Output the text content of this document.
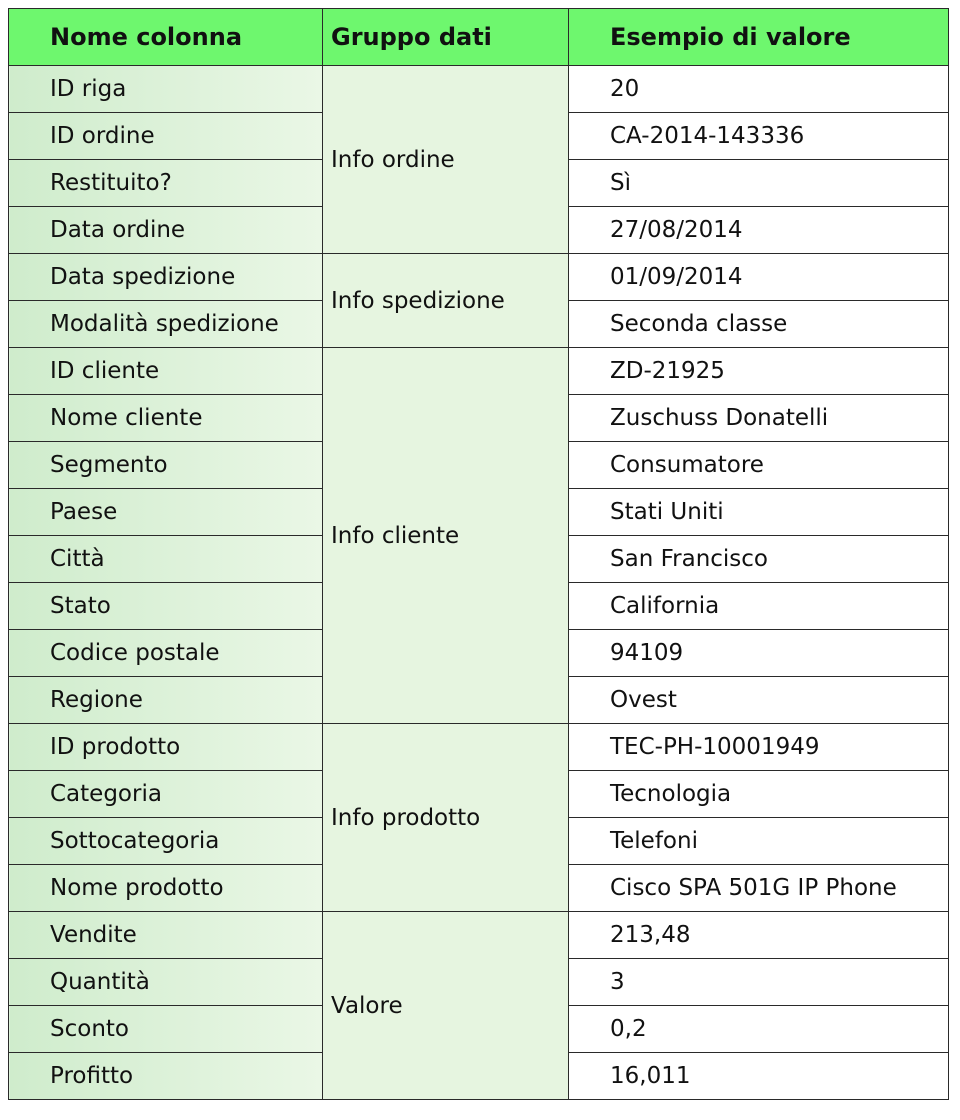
Nome colonna	Gruppo dati	Esempio di valore
ID riga	Info ordine	20
ID ordine		CA-2014-143336
Restituito?		Sì
Data ordine		27/08/2014
Data spedizione	Info spedizione	01/09/2014
Modalità spedizione		Seconda classe
ID cliente	Info cliente	ZD-21925
Nome cliente		Zuschuss Donatelli
Segmento		Consumatore
Paese		Stati Uniti
Città		San Francisco
Stato		California
Codice postale		94109
Regione		Ovest
ID prodotto	Info prodotto	TEC-PH-10001949
Categoria		Tecnologia
Sottocategoria		Telefoni
Nome prodotto		Cisco SPA 501G IP Phone
Vendite	Valore	213,48
Quantità		3
Sconto		0,2
Profitto		16,011
